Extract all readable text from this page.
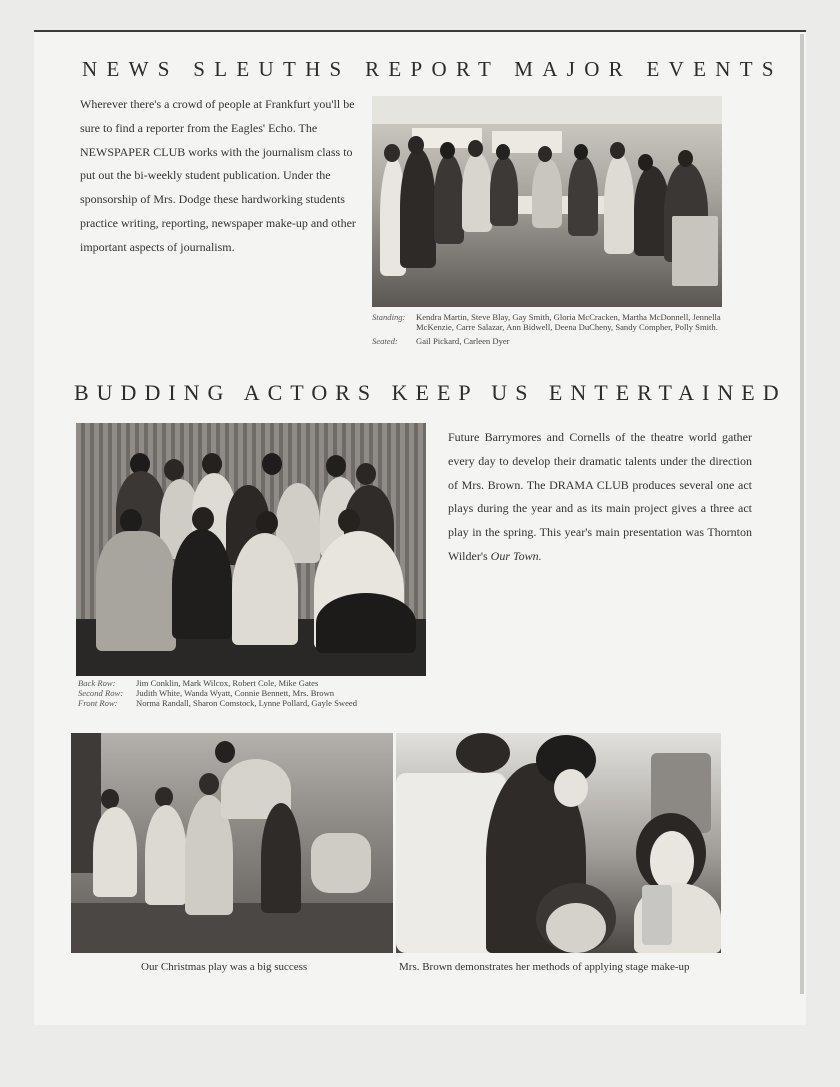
NEWS SLEUTHS REPORT MAJOR EVENTS

Wherever there's a crowd of people at Frankfurt you'll be sure to find a reporter from the Eagles' Echo. The NEWSPAPER CLUB works with the journalism class to put out the bi-weekly student publication. Under the sponsorship of Mrs. Dodge these hardworking students practice writing, reporting, newspaper make-up and other important aspects of journalism.

Standing:	Kendra Martin, Steve Blay, Gay Smith, Gloria McCracken, Martha McDonnell, Jennella McKenzie, Carre Salazar, Ann Bidwell, Deena DuCheny, Sandy Compher, Polly Smith.
Seated:	Gail Pickard, Carleen Dyer
BUDDING ACTORS KEEP US ENTERTAINED

Future Barrymores and Cornells of the theatre world gather every day to develop their dramatic talents under the direction of Mrs. Brown. The DRAMA CLUB produces several one act plays during the year and as its main project gives a three act play in the spring. This year's main presentation was Thornton Wilder's Our Town.

Back Row:	Jim Conklin, Mark Wilcox, Robert Cole, Mike Gates
Second Row:	Judith White, Wanda Wyatt, Connie Bennett, Mrs. Brown
Front Row:	Norma Randall, Sharon Comstock, Lynne Pollard, Gayle Sweed

Our Christmas play was a big success	Mrs. Brown demonstrates her methods of applying stage make-up
